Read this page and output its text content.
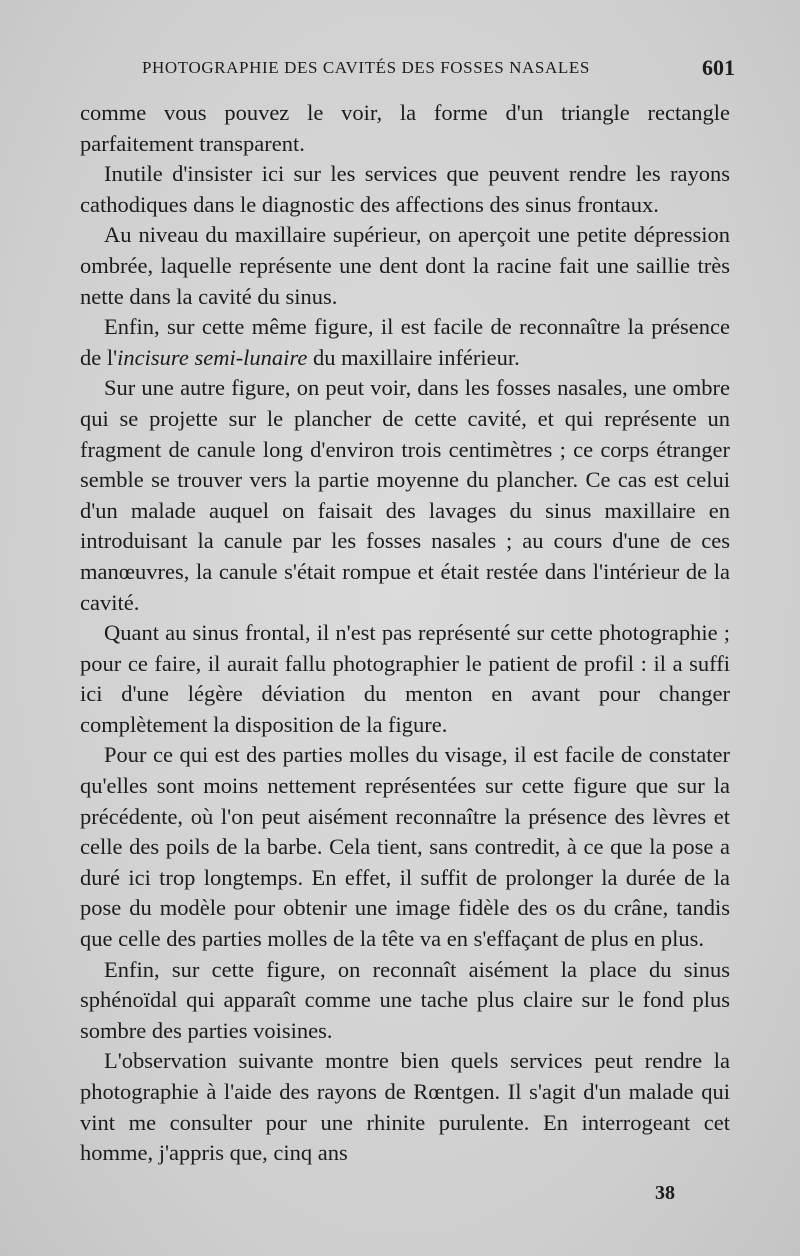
PHOTOGRAPHIE DES CAVITÉS DES FOSSES NASALES	601

comme vous pouvez le voir, la forme d'un triangle rectangle parfaitement transparent.

Inutile d'insister ici sur les services que peuvent rendre les rayons cathodiques dans le diagnostic des affections des sinus frontaux.

Au niveau du maxillaire supérieur, on aperçoit une petite dépression ombrée, laquelle représente une dent dont la racine fait une saillie très nette dans la cavité du sinus.

Enfin, sur cette même figure, il est facile de reconnaître la présence de l'incisure semi-lunaire du maxillaire inférieur.

Sur une autre figure, on peut voir, dans les fosses nasales, une ombre qui se projette sur le plancher de cette cavité, et qui représente un fragment de canule long d'environ trois centimètres ; ce corps étranger semble se trouver vers la partie moyenne du plancher. Ce cas est celui d'un malade auquel on faisait des lavages du sinus maxillaire en introduisant la canule par les fosses nasales ; au cours d'une de ces manœuvres, la canule s'était rompue et était restée dans l'intérieur de la cavité.

Quant au sinus frontal, il n'est pas représenté sur cette photographie ; pour ce faire, il aurait fallu photographier le patient de profil : il a suffi ici d'une légère déviation du menton en avant pour changer complètement la disposition de la figure.

Pour ce qui est des parties molles du visage, il est facile de constater qu'elles sont moins nettement représentées sur cette figure que sur la précédente, où l'on peut aisément reconnaître la présence des lèvres et celle des poils de la barbe. Cela tient, sans contredit, à ce que la pose a duré ici trop longtemps. En effet, il suffit de prolonger la durée de la pose du modèle pour obtenir une image fidèle des os du crâne, tandis que celle des parties molles de la tête va en s'effaçant de plus en plus.

Enfin, sur cette figure, on reconnaît aisément la place du sinus sphénoïdal qui apparaît comme une tache plus claire sur le fond plus sombre des parties voisines.

L'observation suivante montre bien quels services peut rendre la photographie à l'aide des rayons de Rœntgen. Il s'agit d'un malade qui vint me consulter pour une rhinite purulente. En interrogeant cet homme, j'appris que, cinq ans

38
